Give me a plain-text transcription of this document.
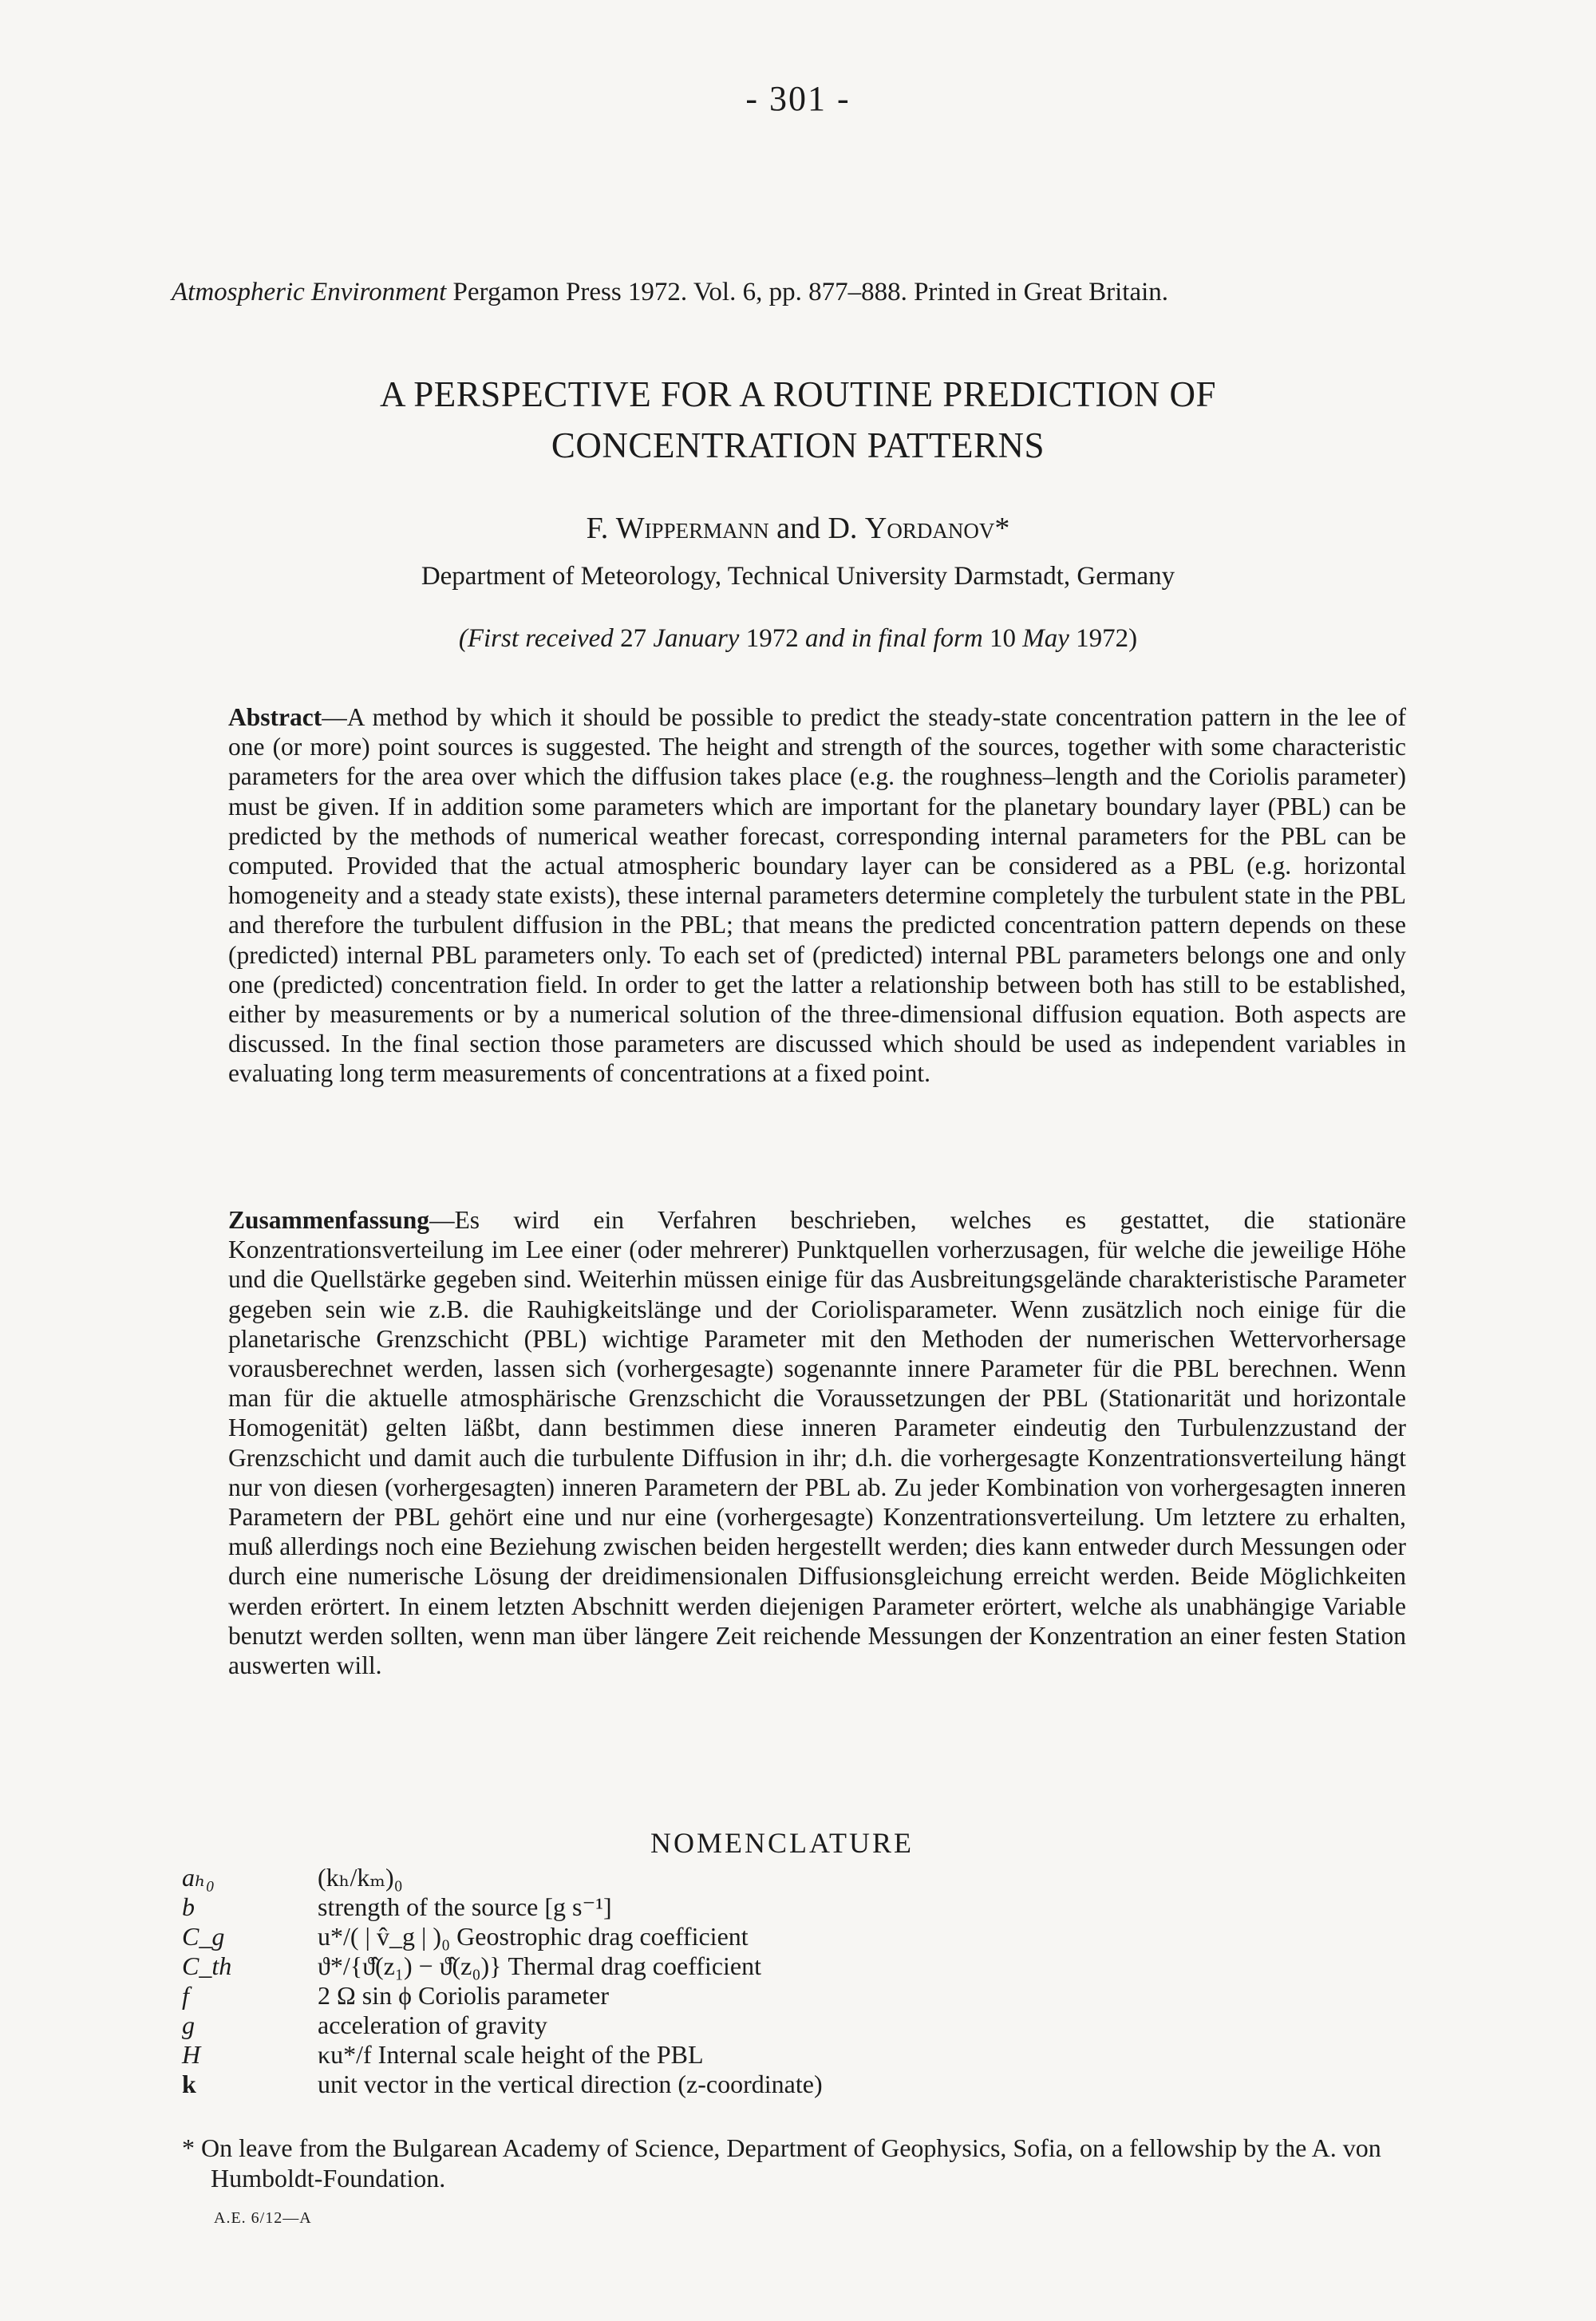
- 301 -
Atmospheric Environment Pergamon Press 1972. Vol. 6, pp. 877–888. Printed in Great Britain.
A PERSPECTIVE FOR A ROUTINE PREDICTION OF
CONCENTRATION PATTERNS
F. Wippermann and D. Yordanov*
Department of Meteorology, Technical University Darmstadt, Germany
(First received 27 January 1972 and in final form 10 May 1972)
Abstract—A method by which it should be possible to predict the steady-state concentration pattern in the lee of one (or more) point sources is suggested. The height and strength of the sources, together with some characteristic parameters for the area over which the diffusion takes place (e.g. the roughness–length and the Coriolis parameter) must be given. If in addition some parameters which are important for the planetary boundary layer (PBL) can be predicted by the methods of numerical weather forecast, corresponding internal parameters for the PBL can be computed. Provided that the actual atmospheric boundary layer can be considered as a PBL (e.g. horizontal homogeneity and a steady state exists), these internal parameters determine completely the turbulent state in the PBL and therefore the turbulent diffusion in the PBL; that means the predicted concentration pattern depends on these (predicted) internal PBL parameters only. To each set of (predicted) internal PBL parameters belongs one and only one (predicted) concentration field. In order to get the latter a relationship between both has still to be established, either by measurements or by a numerical solution of the three-dimensional diffusion equation. Both aspects are discussed. In the final section those parameters are discussed which should be used as independent variables in evaluating long term measurements of concentrations at a fixed point.
Zusammenfassung—Es wird ein Verfahren beschrieben, welches es gestattet, die stationäre Konzentrationsverteilung im Lee einer (oder mehrerer) Punktquellen vorherzusagen, für welche die jeweilige Höhe und die Quellstärke gegeben sind. Weiterhin müssen einige für das Ausbreitungsgelände charakteristische Parameter gegeben sein wie z.B. die Rauhigkeitslänge und der Coriolisparameter. Wenn zusätzlich noch einige für die planetarische Grenzschicht (PBL) wichtige Parameter mit den Methoden der numerischen Wettervorhersage vorausberechnet werden, lassen sich (vorhergesagte) sogenannte innere Parameter für die PBL berechnen. Wenn man für die aktuelle atmosphärische Grenzschicht die Voraussetzungen der PBL (Stationarität und horizontale Homogenität) gelten läßbt, dann bestimmen diese inneren Parameter eindeutig den Turbulenzzustand der Grenzschicht und damit auch die turbulente Diffusion in ihr; d.h. die vorhergesagte Konzentrationsverteilung hängt nur von diesen (vorhergesagten) inneren Parametern der PBL ab. Zu jeder Kombination von vorhergesagten inneren Parametern der PBL gehört eine und nur eine (vorhergesagte) Konzentrationsverteilung. Um letztere zu erhalten, muß allerdings noch eine Beziehung zwischen beiden hergestellt werden; dies kann entweder durch Messungen oder durch eine numerische Lösung der dreidimensionalen Diffusionsgleichung erreicht werden. Beide Möglichkeiten werden erörtert. In einem letzten Abschnitt werden diejenigen Parameter erörtert, welche als unabhängige Variable benutzt werden sollten, wenn man über längere Zeit reichende Messungen der Konzentration an einer festen Station auswerten will.
NOMENCLATURE
aₕ₀	(kₕ/kₘ)₀
b	strength of the source [g s⁻¹]
C_g	u*/( | v̂_g | )₀ Geostrophic drag coefficient
C_th	ϑ*/{ϑ̂(z₁) − ϑ̂(z₀)} Thermal drag coefficient
f	2 Ω sin ϕ Coriolis parameter
g	acceleration of gravity
H	κu*/f Internal scale height of the PBL
k	unit vector in the vertical direction (z-coordinate)
* On leave from the Bulgarean Academy of Science, Department of Geophysics, Sofia, on a fellowship by the A. von Humboldt-Foundation.
A.E. 6/12—A
